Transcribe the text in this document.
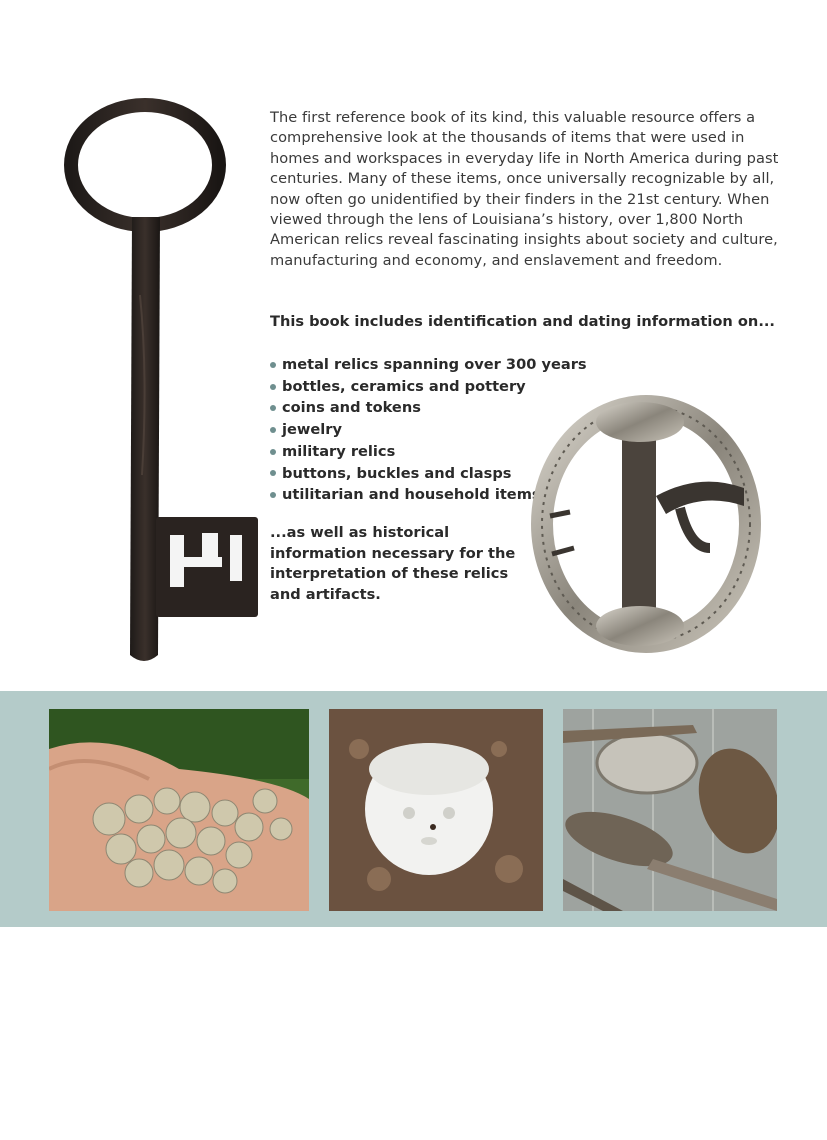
The first reference book of its kind, this valuable resource offers a comprehensive look at the thousands of items that were used in homes and workspaces in everyday life in North America during past centuries. Many of these items, once universally recognizable by all, now often go unidentified by their finders in the 21st century. When viewed through the lens of Louisiana’s history, over 1,800 North American relics reveal fascinating insights about society and culture, manufacturing and economy, and enslavement and freedom.

This book includes identification and dating information on...

metal relics spanning over 300 years
bottles, ceramics and pottery
coins and tokens
jewelry
military relics
buttons, buckles and clasps
utilitarian and household items

...as well as historical information necessary for the interpretation of these relics and artifacts.
